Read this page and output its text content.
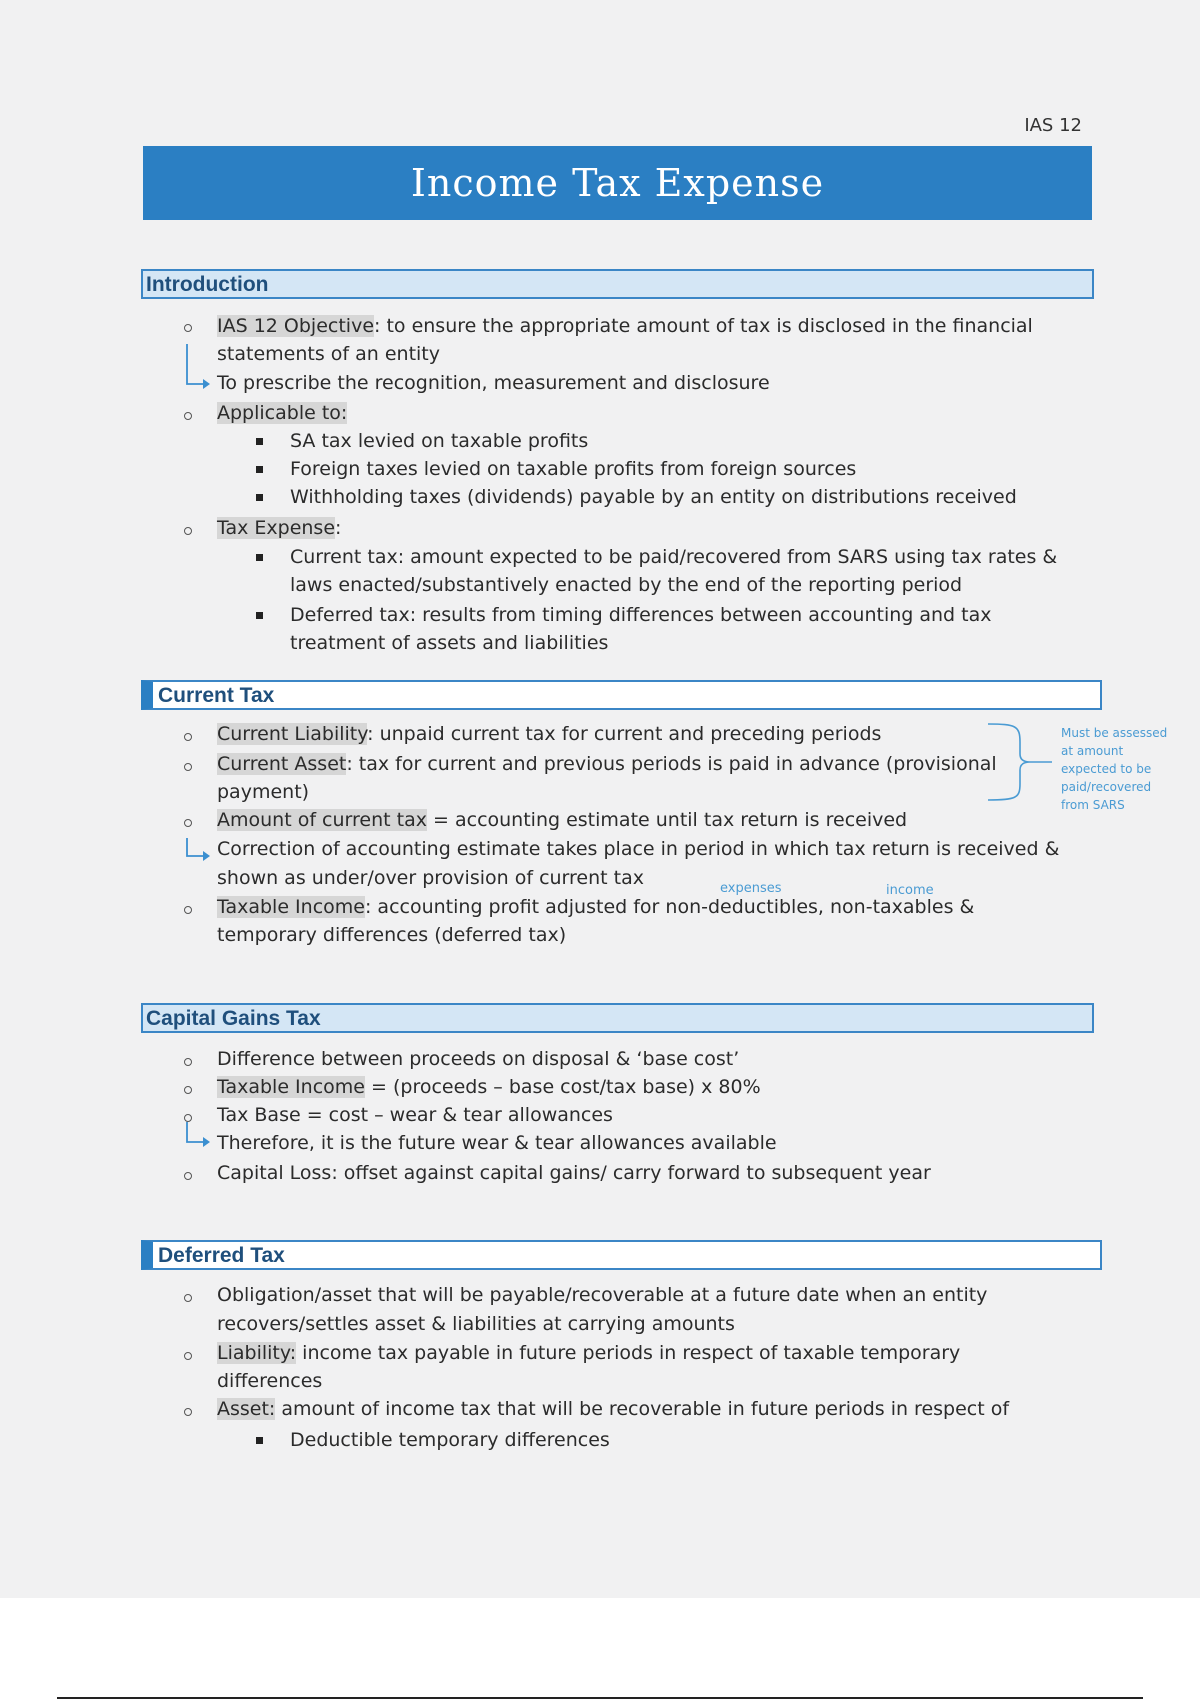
IAS 12
Income Tax Expense
Introduction
IAS 12 Objective: to ensure the appropriate amount of tax is disclosed in the financial
statements of an entity
To prescribe the recognition, measurement and disclosure
Applicable to:
SA tax levied on taxable profits
Foreign taxes levied on taxable profits from foreign sources
Withholding taxes (dividends) payable by an entity on distributions received
Tax Expense:
Current tax: amount expected to be paid/recovered from SARS using tax rates &
laws enacted/substantively enacted by the end of the reporting period
Deferred tax: results from timing differences between accounting and tax
treatment of assets and liabilities
Current Tax
Current Liability: unpaid current tax for current and preceding periods
Current Asset: tax for current and previous periods is paid in advance (provisional
payment)
Must be assessed
at amount
expected to be
paid/recovered
from SARS
Amount of current tax = accounting estimate until tax return is received
Correction of accounting estimate takes place in period in which tax return is received &
shown as under/over provision of current tax	expenses	income
Taxable Income: accounting profit adjusted for non-deductibles, non-taxables &
temporary differences (deferred tax)
Capital Gains Tax
Difference between proceeds on disposal & ‘base cost’
Taxable Income = (proceeds – base cost/tax base) x 80%
Tax Base = cost – wear & tear allowances
Therefore, it is the future wear & tear allowances available
Capital Loss: offset against capital gains/ carry forward to subsequent year
Deferred Tax
Obligation/asset that will be payable/recoverable at a future date when an entity
recovers/settles asset & liabilities at carrying amounts
Liability: income tax payable in future periods in respect of taxable temporary
differences
Asset: amount of income tax that will be recoverable in future periods in respect of
Deductible temporary differences
